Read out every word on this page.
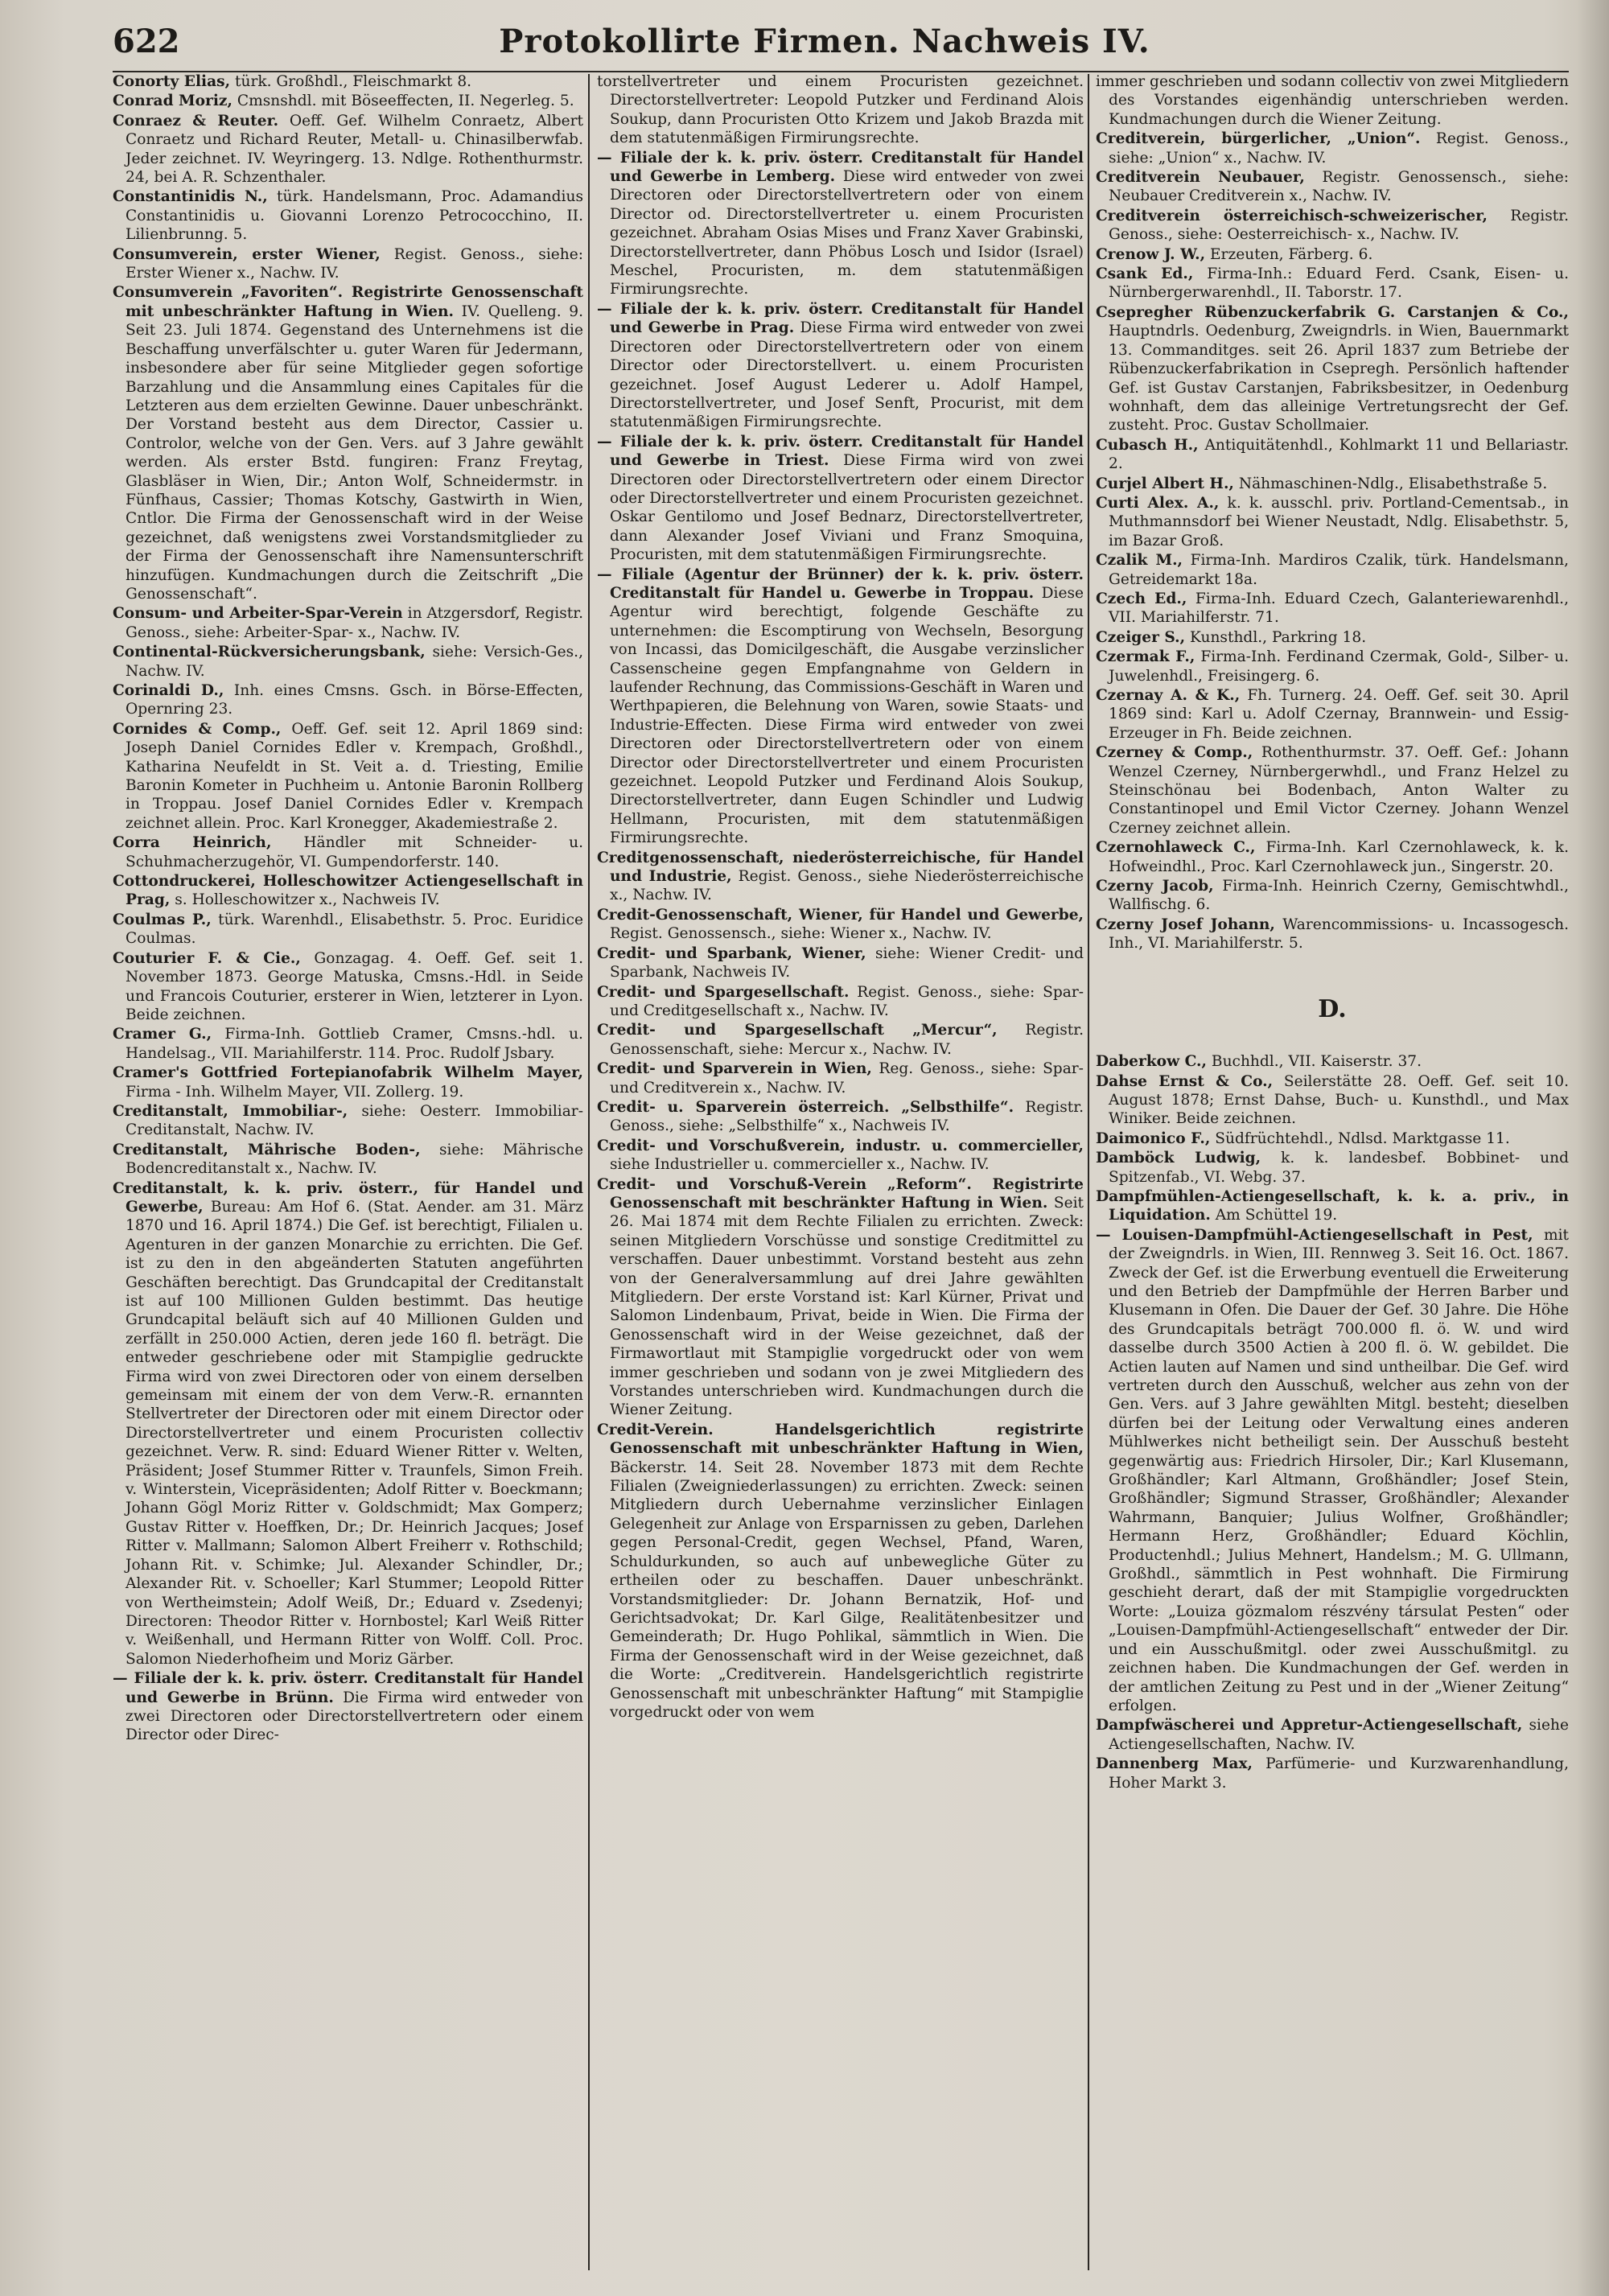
622	Protokollirte Firmen. Nachweis IV.
Conorty Elias, türk. Großhdl., Fleischmarkt 8.
Conrad Moriz, Cmsnshdl. mit Böseeffecten, II. Negerleg. 5.
Conraez & Reuter. Oeff. Gef. Wilhelm Conraetz, Albert Conraetz und Richard Reuter, Metall- u. Chinasilberwfab. Jeder zeichnet. IV. Weyringerg. 13. Ndlge. Rothenthurmstr. 24, bei A. R. Schzenthaler.
Constantinidis N., türk. Handelsmann, Proc. Adamandius Constantinidis u. Giovanni Lorenzo Petrococchino, II. Lilienbrunng. 5.
Consumverein, erster Wiener, Regist. Genoss., siehe: Erster Wiener x., Nachw. IV.
Consumverein „Favoriten“. Registrirte Genossenschaft mit unbeschränkter Haftung in Wien. IV. Quelleng. 9. Seit 23. Juli 1874. Gegenstand des Unternehmens ist die Beschaffung unverfälschter u. guter Waren für Jedermann, insbesondere aber für seine Mitglieder gegen sofortige Barzahlung und die Ansammlung eines Capitales für die Letzteren aus dem erzielten Gewinne. Dauer unbeschränkt. Der Vorstand besteht aus dem Director, Cassier u. Controlor, welche von der Gen. Vers. auf 3 Jahre gewählt werden. Als erster Bstd. fungiren: Franz Freytag, Glasbläser in Wien, Dir.; Anton Wolf, Schneidermstr. in Fünfhaus, Cassier; Thomas Kotschy, Gastwirth in Wien, Cntlor. Die Firma der Genossenschaft wird in der Weise gezeichnet, daß wenigstens zwei Vorstandsmitglieder zu der Firma der Genossenschaft ihre Namensunterschrift hinzufügen. Kundmachungen durch die Zeitschrift „Die Genossenschaft“.
Consum- und Arbeiter-Spar-Verein in Atzgersdorf, Registr. Genoss., siehe: Arbeiter-Spar- x., Nachw. IV.
Continental-Rückversicherungsbank, siehe: Versich-Ges., Nachw. IV.
Corinaldi D., Inh. eines Cmsns. Gsch. in Börse-Effecten, Opernring 23.
Cornides & Comp., Oeff. Gef. seit 12. April 1869 sind: Joseph Daniel Cornides Edler v. Krempach, Großhdl., Katharina Neufeldt in St. Veit a. d. Triesting, Emilie Baronin Kometer in Puchheim u. Antonie Baronin Rollberg in Troppau. Josef Daniel Cornides Edler v. Krempach zeichnet allein. Proc. Karl Kronegger, Akademiestraße 2.
Corra Heinrich, Händler mit Schneider- u. Schuhmacherzugehör, VI. Gumpendorferstr. 140.
Cottondruckerei, Holleschowitzer Actiengesellschaft in Prag, s. Holleschowitzer x., Nachweis IV.
Coulmas P., türk. Warenhdl., Elisabethstr. 5. Proc. Euridice Coulmas.
Couturier F. & Cie., Gonzagag. 4. Oeff. Gef. seit 1. November 1873. George Matuska, Cmsns.-Hdl. in Seide und Francois Couturier, ersterer in Wien, letzterer in Lyon. Beide zeichnen.
Cramer G., Firma-Inh. Gottlieb Cramer, Cmsns.-hdl. u. Handelsag., VII. Mariahilferstr. 114. Proc. Rudolf Jsbary.
Cramer's Gottfried Fortepianofabrik Wilhelm Mayer, Firma - Inh. Wilhelm Mayer, VII. Zollerg. 19.
Creditanstalt, Immobiliar-, siehe: Oesterr. Immobiliar-Creditanstalt, Nachw. IV.
Creditanstalt, Mährische Boden-, siehe: Mährische Bodencreditanstalt x., Nachw. IV.
Creditanstalt, k. k. priv. österr., für Handel und Gewerbe, Bureau: Am Hof 6. (Stat. Aender. am 31. März 1870 und 16. April 1874.) Die Gef. ist berechtigt, Filialen u. Agenturen in der ganzen Monarchie zu errichten. Die Gef. ist zu den in den abgeänderten Statuten angeführten Geschäften berechtigt. Das Grundcapital der Creditanstalt ist auf 100 Millionen Gulden bestimmt. Das heutige Grundcapital beläuft sich auf 40 Millionen Gulden und zerfällt in 250.000 Actien, deren jede 160 fl. beträgt. Die entweder geschriebene oder mit Stampiglie gedruckte Firma wird von zwei Directoren oder von einem derselben gemeinsam mit einem der von dem Verw.-R. ernannten Stellvertreter der Directoren oder mit einem Director oder Directorstellvertreter und einem Procuristen collectiv gezeichnet. Verw. R. sind: Eduard Wiener Ritter v. Welten, Präsident; Josef Stummer Ritter v. Traunfels, Simon Freih. v. Winterstein, Vicepräsidenten; Adolf Ritter v. Boeckmann; Johann Gögl Moriz Ritter v. Goldschmidt; Max Gomperz; Gustav Ritter v. Hoeffken, Dr.; Dr. Heinrich Jacques; Josef Ritter v. Mallmann; Salomon Albert Freiherr v. Rothschild; Johann Rit. v. Schimke; Jul. Alexander Schindler, Dr.; Alexander Rit. v. Schoeller; Karl Stummer; Leopold Ritter von Wertheimstein; Adolf Weiß, Dr.; Eduard v. Zsedenyi; Directoren: Theodor Ritter v. Hornbostel; Karl Weiß Ritter v. Weißenhall, und Hermann Ritter von Wolff. Coll. Proc. Salomon Niederhofheim und Moriz Gärber.
— Filiale der k. k. priv. österr. Creditanstalt für Handel und Gewerbe in Brünn. Die Firma wird entweder von zwei Directoren oder Directorstellvertretern oder einem Director oder Direc-
torstellvertreter und einem Procuristen gezeichnet. Directorstellvertreter: Leopold Putzker und Ferdinand Alois Soukup, dann Procuristen Otto Krizem und Jakob Brazda mit dem statutenmäßigen Firmirungsrechte.
— Filiale der k. k. priv. österr. Creditanstalt für Handel und Gewerbe in Lemberg. Diese wird entweder von zwei Directoren oder Directorstellvertretern oder von einem Director od. Directorstellvertreter u. einem Procuristen gezeichnet. Abraham Osias Mises und Franz Xaver Grabinski, Directorstellvertreter, dann Phöbus Losch und Isidor (Israel) Meschel, Procuristen, m. dem statutenmäßigen Firmirungsrechte.
— Filiale der k. k. priv. österr. Creditanstalt für Handel und Gewerbe in Prag. Diese Firma wird entweder von zwei Directoren oder Directorstellvertretern oder von einem Director oder Directorstellvert. u. einem Procuristen gezeichnet. Josef August Lederer u. Adolf Hampel, Directorstellvertreter, und Josef Senft, Procurist, mit dem statutenmäßigen Firmirungsrechte.
— Filiale der k. k. priv. österr. Creditanstalt für Handel und Gewerbe in Triest. Diese Firma wird von zwei Directoren oder Directorstellvertretern oder einem Director oder Directorstellvertreter und einem Procuristen gezeichnet. Oskar Gentilomo und Josef Bednarz, Directorstellvertreter, dann Alexander Josef Viviani und Franz Smoquina, Procuristen, mit dem statutenmäßigen Firmirungsrechte.
— Filiale (Agentur der Brünner) der k. k. priv. österr. Creditanstalt für Handel u. Gewerbe in Troppau. Diese Agentur wird berechtigt, folgende Geschäfte zu unternehmen: die Escomptirung von Wechseln, Besorgung von Incassi, das Domicilgeschäft, die Ausgabe verzinslicher Cassenscheine gegen Empfangnahme von Geldern in laufender Rechnung, das Commissions-Geschäft in Waren und Werthpapieren, die Belehnung von Waren, sowie Staats- und Industrie-Effecten. Diese Firma wird entweder von zwei Directoren oder Directorstellvertretern oder von einem Director oder Directorstellvertreter und einem Procuristen gezeichnet. Leopold Putzker und Ferdinand Alois Soukup, Directorstellvertreter, dann Eugen Schindler und Ludwig Hellmann, Procuristen, mit dem statutenmäßigen Firmirungsrechte.
Creditgenossenschaft, niederösterreichische, für Handel und Industrie, Regist. Genoss., siehe Niederösterreichische x., Nachw. IV.
Credit-Genossenschaft, Wiener, für Handel und Gewerbe, Regist. Genossensch., siehe: Wiener x., Nachw. IV.
Credit- und Sparbank, Wiener, siehe: Wiener Credit- und Sparbank, Nachweis IV.
Credit- und Spargesellschaft. Regist. Genoss., siehe: Spar- und Creditgesellschaft x., Nachw. IV.
Credit- und Spargesellschaft „Mercur“, Registr. Genossenschaft, siehe: Mercur x., Nachw. IV.
Credit- und Sparverein in Wien, Reg. Genoss., siehe: Spar- und Creditverein x., Nachw. IV.
Credit- u. Sparverein österreich. „Selbsthilfe“. Registr. Genoss., siehe: „Selbsthilfe“ x., Nachweis IV.
Credit- und Vorschußverein, industr. u. commercieller, siehe Industrieller u. commercieller x., Nachw. IV.
Credit- und Vorschuß-Verein „Reform“. Registrirte Genossenschaft mit beschränkter Haftung in Wien. Seit 26. Mai 1874 mit dem Rechte Filialen zu errichten. Zweck: seinen Mitgliedern Vorschüsse und sonstige Creditmittel zu verschaffen. Dauer unbestimmt. Vorstand besteht aus zehn von der Generalversammlung auf drei Jahre gewählten Mitgliedern. Der erste Vorstand ist: Karl Kürner, Privat und Salomon Lindenbaum, Privat, beide in Wien. Die Firma der Genossenschaft wird in der Weise gezeichnet, daß der Firmawortlaut mit Stampiglie vorgedruckt oder von wem immer geschrieben und sodann von je zwei Mitgliedern des Vorstandes unterschrieben wird. Kundmachungen durch die Wiener Zeitung.
Credit-Verein. Handelsgerichtlich registrirte Genossenschaft mit unbeschränkter Haftung in Wien, Bäckerstr. 14. Seit 28. November 1873 mit dem Rechte Filialen (Zweigniederlassungen) zu errichten. Zweck: seinen Mitgliedern durch Uebernahme verzinslicher Einlagen Gelegenheit zur Anlage von Ersparnissen zu geben, Darlehen gegen Personal-Credit, gegen Wechsel, Pfand, Waren, Schuldurkunden, so auch auf unbewegliche Güter zu ertheilen oder zu beschaffen. Dauer unbeschränkt. Vorstandsmitglieder: Dr. Johann Bernatzik, Hof- und Gerichtsadvokat; Dr. Karl Gilge, Realitätenbesitzer und Gemeinderath; Dr. Hugo Pohlikal, sämmtlich in Wien. Die Firma der Genossenschaft wird in der Weise gezeichnet, daß die Worte: „Creditverein. Handelsgerichtlich registrirte Genossenschaft mit unbeschränkter Haftung“ mit Stampiglie vorgedruckt oder von wem
immer geschrieben und sodann collectiv von zwei Mitgliedern des Vorstandes eigenhändig unterschrieben werden. Kundmachungen durch die Wiener Zeitung.
Creditverein, bürgerlicher, „Union“. Regist. Genoss., siehe: „Union“ x., Nachw. IV.
Creditverein Neubauer, Registr. Genossensch., siehe: Neubauer Creditverein x., Nachw. IV.
Creditverein österreichisch-schweizerischer, Registr. Genoss., siehe: Oesterreichisch- x., Nachw. IV.
Crenow J. W., Erzeuten, Färberg. 6.
Csank Ed., Firma-Inh.: Eduard Ferd. Csank, Eisen- u. Nürnbergerwarenhdl., II. Taborstr. 17.
Csepregher Rübenzuckerfabrik G. Carstanjen & Co., Hauptndrls. Oedenburg, Zweigndrls. in Wien, Bauernmarkt 13. Commanditges. seit 26. April 1837 zum Betriebe der Rübenzuckerfabrikation in Csepregh. Persönlich haftender Gef. ist Gustav Carstanjen, Fabriksbesitzer, in Oedenburg wohnhaft, dem das alleinige Vertretungsrecht der Gef. zusteht. Proc. Gustav Schollmaier.
Cubasch H., Antiquitätenhdl., Kohlmarkt 11 und Bellariastr. 2.
Curjel Albert H., Nähmaschinen-Ndlg., Elisabethstraße 5.
Curti Alex. A., k. k. ausschl. priv. Portland-Cementsab., in Muthmannsdorf bei Wiener Neustadt, Ndlg. Elisabethstr. 5, im Bazar Groß.
Czalik M., Firma-Inh. Mardiros Czalik, türk. Handelsmann, Getreidemarkt 18a.
Czech Ed., Firma-Inh. Eduard Czech, Galanteriewarenhdl., VII. Mariahilferstr. 71.
Czeiger S., Kunsthdl., Parkring 18.
Czermak F., Firma-Inh. Ferdinand Czermak, Gold-, Silber- u. Juwelenhdl., Freisingerg. 6.
Czernay A. & K., Fh. Turnerg. 24. Oeff. Gef. seit 30. April 1869 sind: Karl u. Adolf Czernay, Brannwein- und Essig-Erzeuger in Fh. Beide zeichnen.
Czerney & Comp., Rothenthurmstr. 37. Oeff. Gef.: Johann Wenzel Czerney, Nürnbergerwhdl., und Franz Helzel zu Steinschönau bei Bodenbach, Anton Walter zu Constantinopel und Emil Victor Czerney. Johann Wenzel Czerney zeichnet allein.
Czernohlaweck C., Firma-Inh. Karl Czernohlaweck, k. k. Hofweindhl., Proc. Karl Czernohlaweck jun., Singerstr. 20.
Czerny Jacob, Firma-Inh. Heinrich Czerny, Gemischtwhdl., Wallfischg. 6.
Czerny Josef Johann, Warencommissions- u. Incassogesch. Inh., VI. Mariahilferstr. 5.
D.
Daberkow C., Buchhdl., VII. Kaiserstr. 37.
Dahse Ernst & Co., Seilerstätte 28. Oeff. Gef. seit 10. August 1878; Ernst Dahse, Buch- u. Kunsthdl., und Max Winiker. Beide zeichnen.
Daimonico F., Südfrüchtehdl., Ndlsd. Marktgasse 11.
Damböck Ludwig, k. k. landesbef. Bobbinet- und Spitzenfab., VI. Webg. 37.
Dampfmühlen-Actiengesellschaft, k. k. a. priv., in Liquidation. Am Schüttel 19.
— Louisen-Dampfmühl-Actiengesellschaft in Pest, mit der Zweigndrls. in Wien, III. Rennweg 3. Seit 16. Oct. 1867. Zweck der Gef. ist die Erwerbung eventuell die Erweiterung und den Betrieb der Dampfmühle der Herren Barber und Klusemann in Ofen. Die Dauer der Gef. 30 Jahre. Die Höhe des Grundcapitals beträgt 700.000 fl. ö. W. und wird dasselbe durch 3500 Actien à 200 fl. ö. W. gebildet. Die Actien lauten auf Namen und sind untheilbar. Die Gef. wird vertreten durch den Ausschuß, welcher aus zehn von der Gen. Vers. auf 3 Jahre gewählten Mitgl. besteht; dieselben dürfen bei der Leitung oder Verwaltung eines anderen Mühlwerkes nicht betheiligt sein. Der Ausschuß besteht gegenwärtig aus: Friedrich Hirsoler, Dir.; Karl Klusemann, Großhändler; Karl Altmann, Großhändler; Josef Stein, Großhändler; Sigmund Strasser, Großhändler; Alexander Wahrmann, Banquier; Julius Wolfner, Großhändler; Hermann Herz, Großhändler; Eduard Köchlin, Productenhdl.; Julius Mehnert, Handelsm.; M. G. Ullmann, Großhdl., sämmtlich in Pest wohnhaft. Die Firmirung geschieht derart, daß der mit Stampiglie vorgedruckten Worte: „Louiza gözmalom részvény társulat Pesten“ oder „Louisen-Dampfmühl-Actiengesellschaft“ entweder der Dir. und ein Ausschußmitgl. oder zwei Ausschußmitgl. zu zeichnen haben. Die Kundmachungen der Gef. werden in der amtlichen Zeitung zu Pest und in der „Wiener Zeitung“ erfolgen.
Dampfwäscherei und Appretur-Actiengesellschaft, siehe Actiengesellschaften, Nachw. IV.
Dannenberg Max, Parfümerie- und Kurzwarenhandlung, Hoher Markt 3.
